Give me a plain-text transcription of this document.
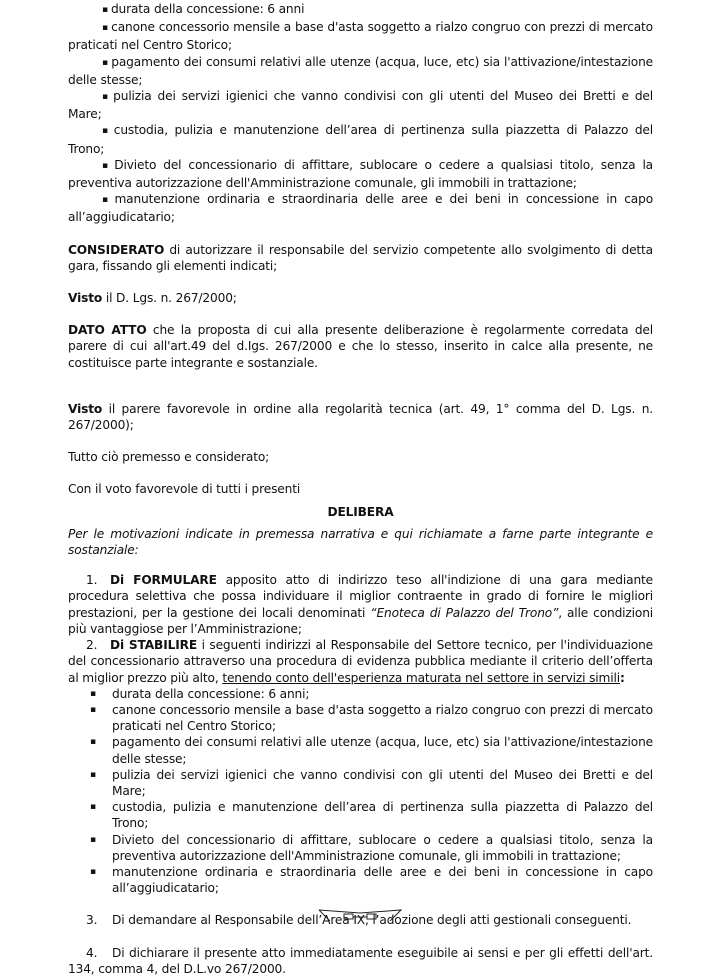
▪ durata della concessione: 6 anni

▪ canone concessorio mensile a base d'asta soggetto a rialzo congruo con prezzi di mercato praticati nel Centro Storico;

▪ pagamento dei consumi relativi alle utenze (acqua, luce, etc) sia l'attivazione/intestazione delle stesse;

▪ pulizia dei servizi igienici che vanno condivisi con gli utenti del Museo dei Bretti e del Mare;

▪ custodia, pulizia e manutenzione dell’area di pertinenza sulla piazzetta di Palazzo del Trono;

▪ Divieto del concessionario di affittare, sublocare o cedere a qualsiasi titolo, senza la preventiva autorizzazione dell'Amministrazione comunale, gli immobili in trattazione;

▪ manutenzione ordinaria e straordinaria delle aree e dei beni in concessione in capo all’aggiudicatario;

CONSIDERATO di autorizzare il responsabile del servizio competente allo svolgimento di detta gara, fissando gli elementi indicati;

Visto il D. Lgs. n. 267/2000;

DATO ATTO che la proposta di cui alla presente deliberazione è regolarmente corredata del parere di cui all'art.49 del d.Igs. 267/2000 e che lo stesso, inserito in calce alla presente, ne costituisce parte integrante e sostanziale.

Visto il parere favorevole in ordine alla regolarità tecnica (art. 49, 1° comma del D. Lgs. n. 267/2000);

Tutto ciò premesso e considerato;

Con il voto favorevole di tutti i presenti

DELIBERA

Per le motivazioni indicate in premessa narrativa e qui richiamate a farne parte integrante e sostanziale:

1. Di FORMULARE apposito atto di indirizzo teso all'indizione di una gara mediante procedura selettiva che possa individuare il miglior contraente in grado di fornire le migliori prestazioni, per la gestione dei locali denominati “Enoteca di Palazzo del Trono”, alle condizioni più vantaggiose per l’Amministrazione;

2. Di STABILIRE i seguenti indirizzi al Responsabile del Settore tecnico, per l'individuazione del concessionario attraverso una procedura di evidenza pubblica mediante il criterio dell’offerta al miglior prezzo più alto, tenendo conto dell'esperienza maturata nel settore in servizi simili:

▪ durata della concessione: 6 anni;
▪ canone concessorio mensile a base d'asta soggetto a rialzo congruo con prezzi di mercato praticati nel Centro Storico;
▪ pagamento dei consumi relativi alle utenze (acqua, luce, etc) sia l'attivazione/intestazione delle stesse;
▪ pulizia dei servizi igienici che vanno condivisi con gli utenti del Museo dei Bretti e del Mare;
▪ custodia, pulizia e manutenzione dell’area di pertinenza sulla piazzetta di Palazzo del Trono;
▪ Divieto del concessionario di affittare, sublocare o cedere a qualsiasi titolo, senza la preventiva autorizzazione dell'Amministrazione comunale, gli immobili in trattazione;
▪ manutenzione ordinaria e straordinaria delle aree e dei beni in concessione in capo all’aggiudicatario;

3. Di demandare al Responsabile dell’Area IX, l’adozione degli atti gestionali conseguenti.

4. Di dichiarare il presente atto immediatamente eseguibile ai sensi e per gli effetti dell'art. 134, comma 4, del D.L.vo 267/2000.
